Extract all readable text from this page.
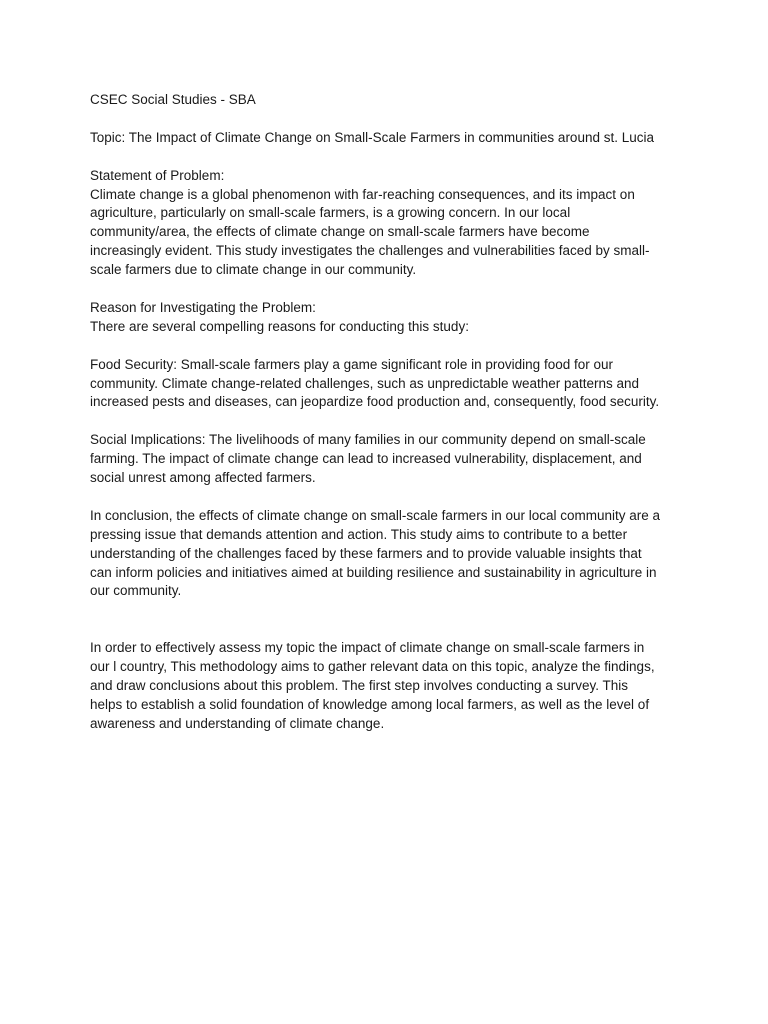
CSEC Social Studies - SBA

Topic: The Impact of Climate Change on Small-Scale Farmers in communities around st. Lucia

Statement of Problem:
Climate change is a global phenomenon with far-reaching consequences, and its impact on
agriculture, particularly on small-scale farmers, is a growing concern. In our local
community/area, the effects of climate change on small-scale farmers have become
increasingly evident. This study investigates the challenges and vulnerabilities faced by small-
scale farmers due to climate change in our community.
Reason for Investigating the Problem:
There are several compelling reasons for conducting this study:

Food Security: Small-scale farmers play a game significant role in providing food for our
community. Climate change-related challenges, such as unpredictable weather patterns and
increased pests and diseases, can jeopardize food production and, consequently, food security.

Social Implications: The livelihoods of many families in our community depend on small-scale
farming. The impact of climate change can lead to increased vulnerability, displacement, and
social unrest among affected farmers.

In conclusion, the effects of climate change on small-scale farmers in our local community are a
pressing issue that demands attention and action. This study aims to contribute to a better
understanding of the challenges faced by these farmers and to provide valuable insights that
can inform policies and initiatives aimed at building resilience and sustainability in agriculture in
our community.

In order to effectively assess my topic the impact of climate change on small-scale farmers in
our l country, This methodology aims to gather relevant data on this topic, analyze the findings,
and draw conclusions about this problem. The first step involves conducting a survey. This
helps to establish a solid foundation of knowledge among local farmers, as well as the level of
awareness and understanding of climate change.
